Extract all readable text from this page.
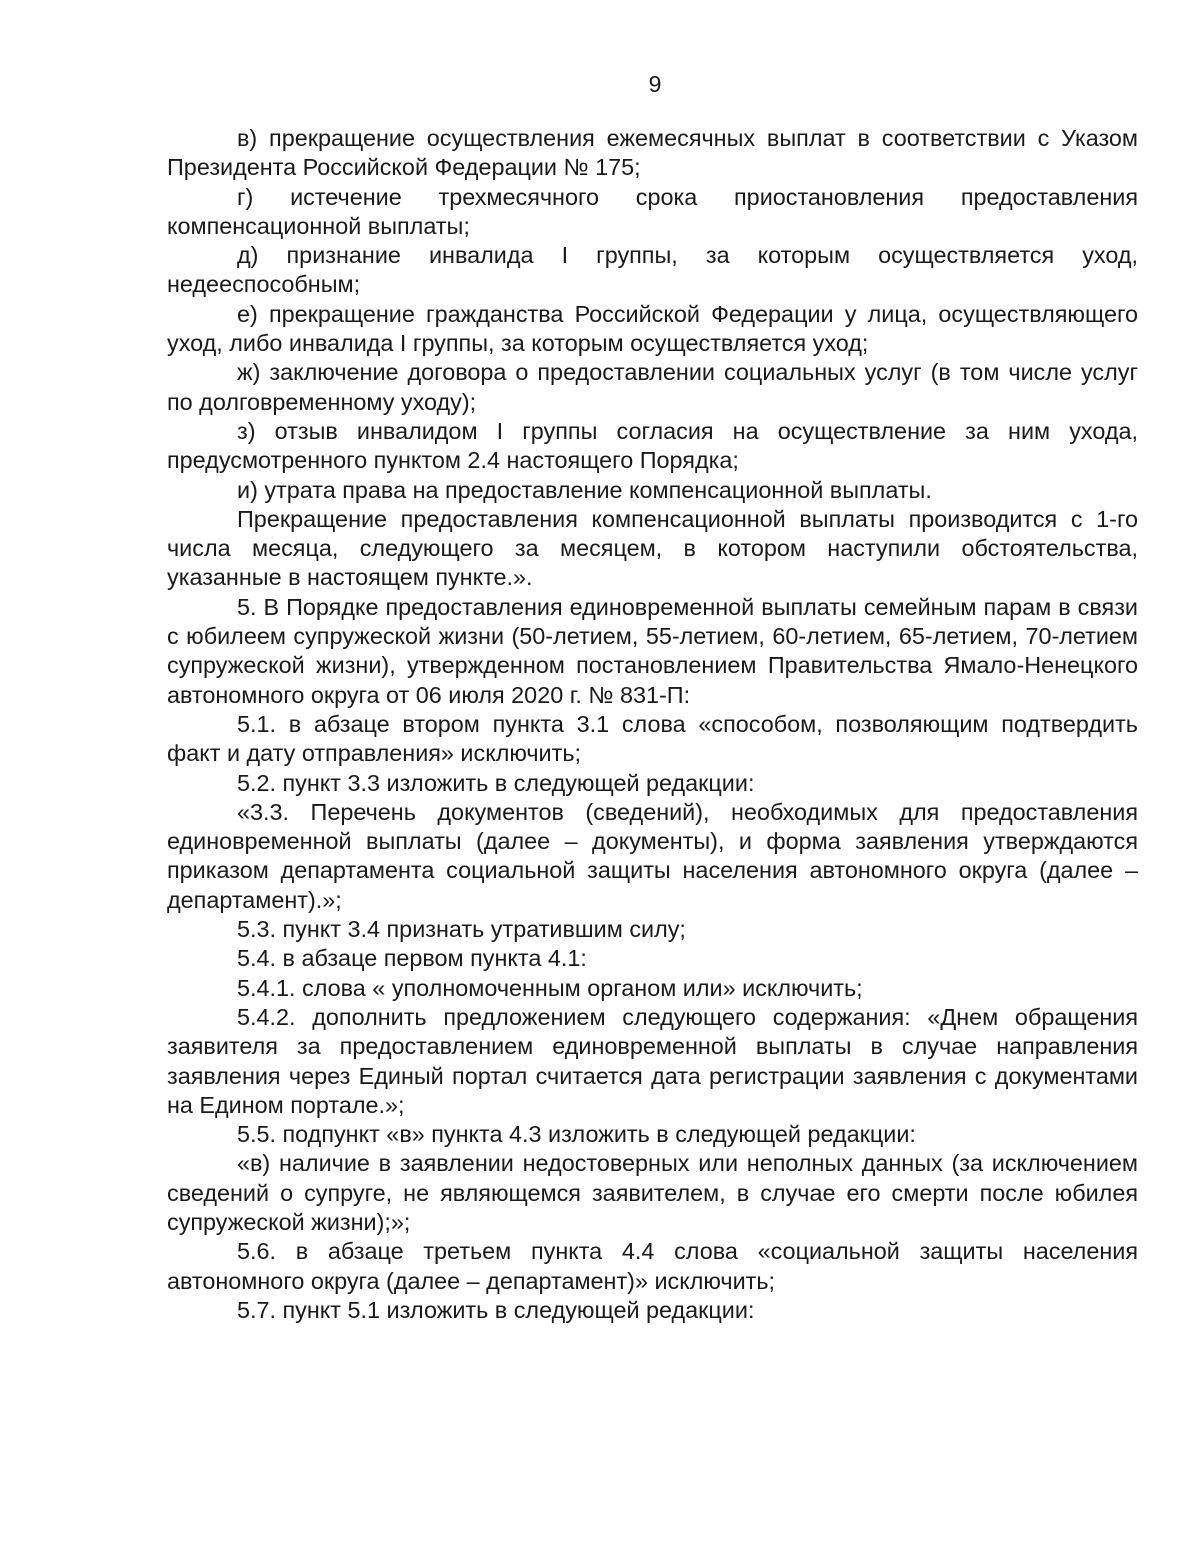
9

в) прекращение осуществления ежемесячных выплат в соответствии с Указом Президента Российской Федерации № 175;

г) истечение трехмесячного срока приостановления предоставления компенсационной выплаты;

д) признание инвалида I группы, за которым осуществляется уход, недееспособным;

е) прекращение гражданства Российской Федерации у лица, осуществляющего уход, либо инвалида I группы, за которым осуществляется уход;

ж) заключение договора о предоставлении социальных услуг (в том числе услуг по долговременному уходу);

з) отзыв инвалидом I группы согласия на осуществление за ним ухода, предусмотренного пунктом 2.4 настоящего Порядка;

и) утрата права на предоставление компенсационной выплаты.

Прекращение предоставления компенсационной выплаты производится с 1-го числа месяца, следующего за месяцем, в котором наступили обстоятельства, указанные в настоящем пункте.».

5. В Порядке предоставления единовременной выплаты семейным парам в связи с юбилеем супружеской жизни (50-летием, 55-летием, 60-летием, 65-летием, 70-летием супружеской жизни), утвержденном постановлением Правительства Ямало-Ненецкого автономного округа от 06 июля 2020 г. № 831-П:

5.1. в абзаце втором пункта 3.1 слова «способом, позволяющим подтвердить факт и дату отправления» исключить;

5.2. пункт 3.3 изложить в следующей редакции:

«3.3. Перечень документов (сведений), необходимых для предоставления единовременной выплаты (далее – документы), и форма заявления утверждаются приказом департамента социальной защиты населения автономного округа (далее – департамент).»;

5.3. пункт 3.4 признать утратившим силу;

5.4. в абзаце первом пункта 4.1:

5.4.1. слова « уполномоченным органом или» исключить;

5.4.2. дополнить предложением следующего содержания: «Днем обращения заявителя за предоставлением единовременной выплаты в случае направления заявления через Единый портал считается дата регистрации заявления с документами на Едином портале.»;

5.5. подпункт «в» пункта 4.3 изложить в следующей редакции:

«в) наличие в заявлении недостоверных или неполных данных (за исключением сведений о супруге, не являющемся заявителем, в случае его смерти после юбилея супружеской жизни);»;

5.6. в абзаце третьем пункта 4.4 слова «социальной защиты населения автономного округа (далее – департамент)» исключить;

5.7. пункт 5.1 изложить в следующей редакции:
